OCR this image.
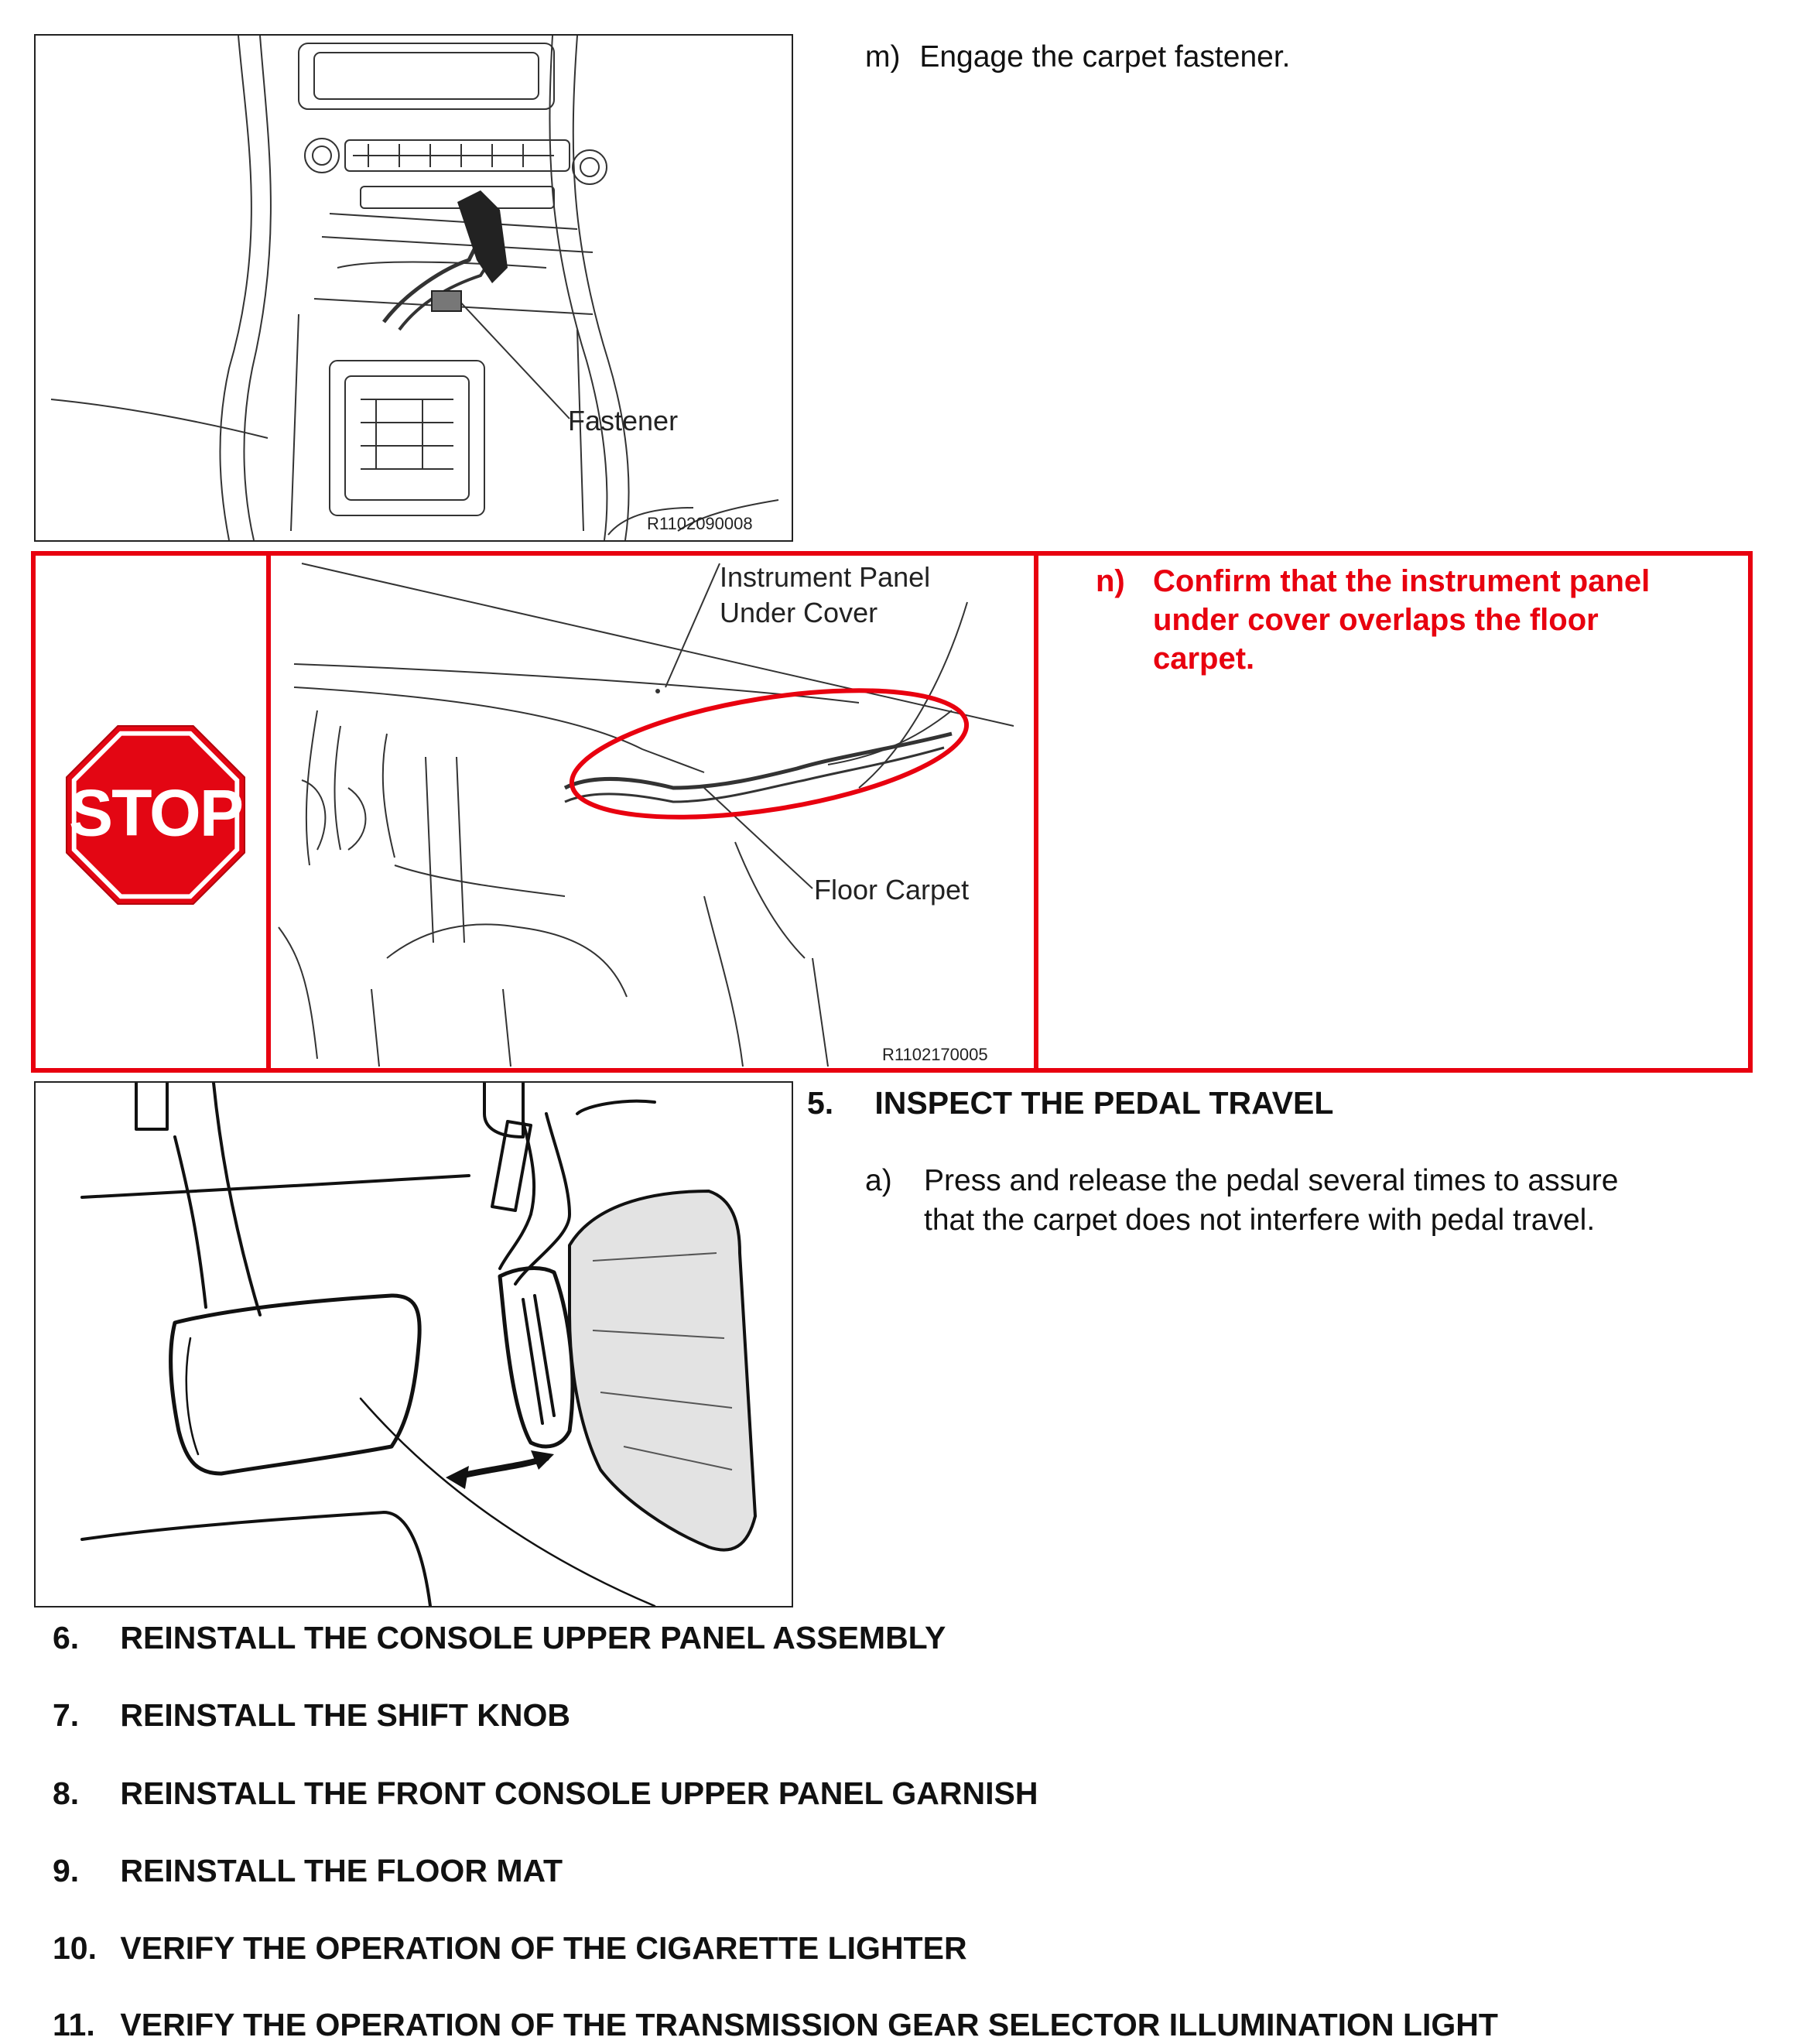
Fastener
R1102090008
m) Engage the carpet fastener.
STOP
Instrument Panel
Under Cover
Floor Carpet
R1102170005
n) Confirm that the instrument panel
under cover overlaps the floor
carpet.
5. INSPECT THE PEDAL TRAVEL
a) Press and release the pedal several times to assure
that the carpet does not interfere with pedal travel.
6. REINSTALL THE CONSOLE UPPER PANEL ASSEMBLY
7. REINSTALL THE SHIFT KNOB
8. REINSTALL THE FRONT CONSOLE UPPER PANEL GARNISH
9. REINSTALL THE FLOOR MAT
10. VERIFY THE OPERATION OF THE CIGARETTE LIGHTER
11. VERIFY THE OPERATION OF THE TRANSMISSION GEAR SELECTOR ILLUMINATION LIGHT
